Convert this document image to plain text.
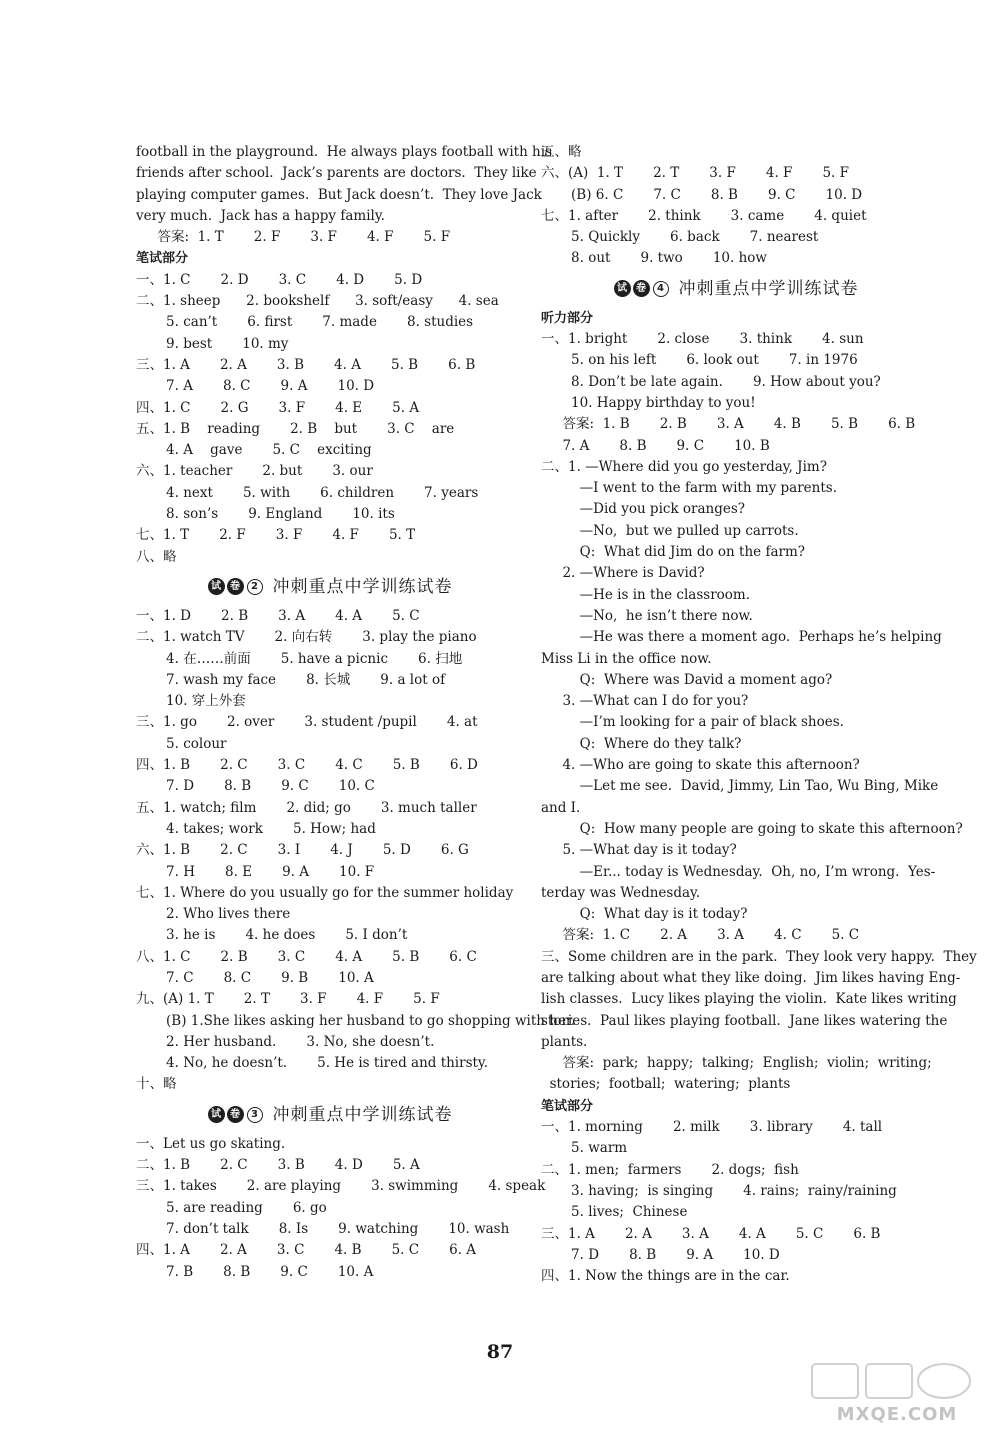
football in the playground.  He always plays football with his
friends after school.  Jack’s parents are doctors.  They like
playing computer games.  But Jack doesn’t.  They love Jack
very much.  Jack has a happy family.
答案:  1. T       2. F       3. F       4. F       5. F
笔试部分
一、1. C       2. D       3. C       4. D       5. D
二、1. sheep      2. bookshelf      3. soft/easy      4. sea
5. can’t       6. first       7. made       8. studies
9. best       10. my
三、1. A       2. A       3. B       4. A       5. B       6. B
7. A       8. C       9. A       10. D
四、1. C       2. G       3. F       4. E       5. A
五、1. B    reading       2. B    but       3. C    are
4. A    gave       5. C    exciting
六、1. teacher       2. but       3. our
4. next       5. with       6. children       7. years
8. son’s       9. England       10. its
七、1. T       2. F       3. F       4. F       5. T
八、略
试 卷	2 冲刺重点中学训练试卷
一、1. D       2. B       3. A       4. A       5. C
二、1. watch TV       2. 向右转       3. play the piano
4. 在……前面       5. have a picnic       6. 扫地
7. wash my face       8. 长城       9. a lot of
10. 穿上外套
三、1. go       2. over       3. student /pupil       4. at
5. colour
四、1. B       2. C       3. C       4. C       5. B       6. D
7. D       8. B       9. C       10. C
五、1. watch; film       2. did; go       3. much taller
4. takes; work       5. How; had
六、1. B       2. C       3. I       4. J       5. D       6. G
7. H       8. E       9. A       10. F
七、1. Where do you usually go for the summer holiday
2. Who lives there
3. he is       4. he does       5. I don’t
八、1. C       2. B       3. C       4. A       5. B       6. C
7. C       8. C       9. B       10. A
九、(A) 1. T       2. T       3. F       4. F       5. F
(B) 1.She likes asking her husband to go shopping with her.
2. Her husband.       3. No, she doesn’t.
4. No, he doesn’t.       5. He is tired and thirsty.
十、略
试 卷	3 冲刺重点中学训练试卷
一、Let us go skating.
二、1. B       2. C       3. B       4. D       5. A
三、1. takes       2. are playing       3. swimming       4. speak
5. are reading       6. go
7. don’t talk       8. Is       9. watching       10. wash
四、1. A       2. A       3. C       4. B       5. C       6. A
7. B       8. B       9. C       10. A
五、略
六、(A)  1. T       2. T       3. F       4. F       5. F
(B) 6. C       7. C       8. B       9. C       10. D
七、1. after       2. think       3. came       4. quiet
5. Quickly       6. back       7. nearest
8. out       9. two       10. how
试 卷	4 冲刺重点中学训练试卷
听力部分
一、1. bright       2. close       3. think       4. sun
5. on his left       6. look out       7. in 1976
8. Don’t be late again.       9. How about you?
10. Happy birthday to you!
答案:  1. B       2. B       3. A       4. B       5. B       6. B
7. A       8. B       9. C       10. B
二、1. —Where did you go yesterday, Jim?
—I went to the farm with my parents.
—Did you pick oranges?
—No,  but we pulled up carrots.
Q:  What did Jim do on the farm?
2. —Where is David?
—He is in the classroom.
—No,  he isn’t there now.
—He was there a moment ago.  Perhaps he’s helping
Miss Li in the office now.
Q:  Where was David a moment ago?
3. —What can I do for you?
—I’m looking for a pair of black shoes.
Q:  Where do they talk?
4. —Who are going to skate this afternoon?
—Let me see.  David, Jimmy, Lin Tao, Wu Bing, Mike
and I.
Q:  How many people are going to skate this afternoon?
5. —What day is it today?
—Er... today is Wednesday.  Oh, no, I’m wrong.  Yes-
terday was Wednesday.
Q:  What day is it today?
答案:  1. C       2. A       3. A       4. C       5. C
三、Some children are in the park.  They look very happy.  They
are talking about what they like doing.  Jim likes having Eng-
lish classes.  Lucy likes playing the violin.  Kate likes writing
stories.  Paul likes playing football.  Jane likes watering the
plants.
答案:  park;  happy;  talking;  English;  violin;  writing;
stories;  football;  watering;  plants
笔试部分
一、1. morning       2. milk       3. library       4. tall
5. warm
二、1. men;  farmers       2. dogs;  fish
3. having;  is singing       4. rains;  rainy/raining
5. lives;  Chinese
三、1. A       2. A       3. A       4. A       5. C       6. B
7. D       8. B       9. A       10. D
四、1. Now the things are in the car.
87
MXQE.COM
